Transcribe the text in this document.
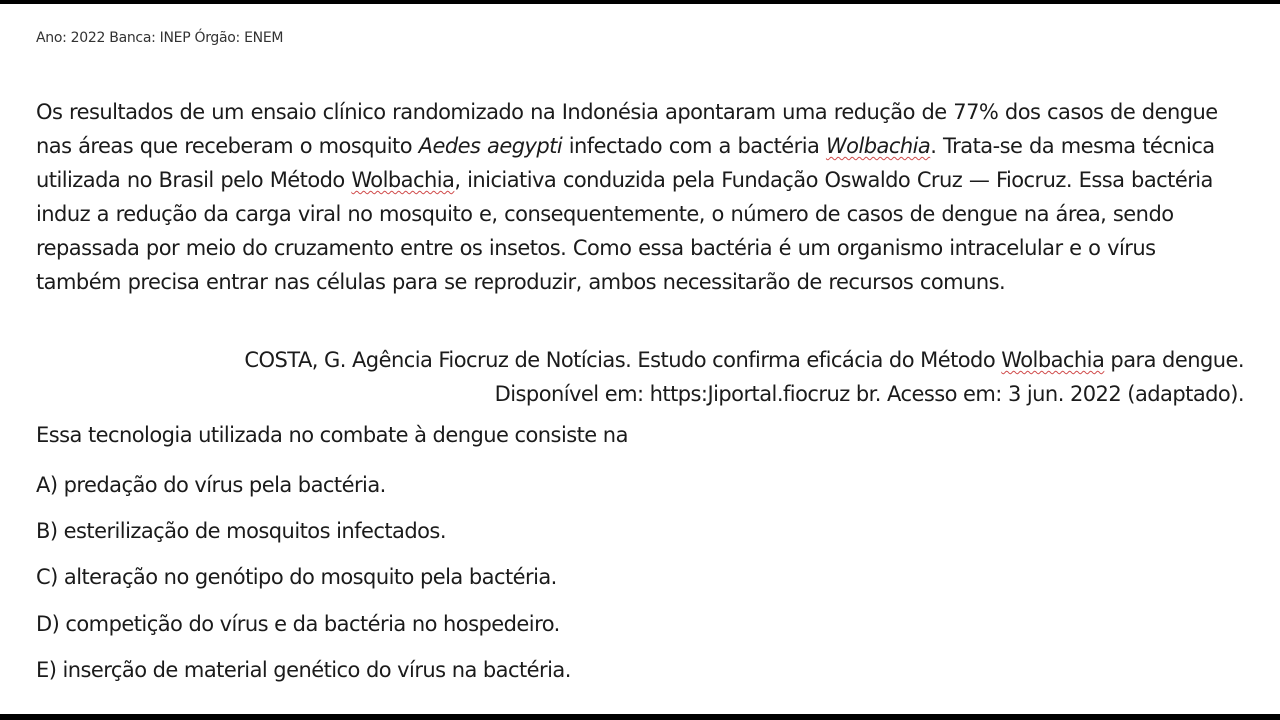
Ano: 2022 Banca: INEP Órgão: ENEM
Os resultados de um ensaio clínico randomizado na Indonésia apontaram uma redução de 77% dos casos de dengue nas áreas que receberam o mosquito Aedes aegypti infectado com a bactéria Wolbachia. Trata-se da mesma técnica utilizada no Brasil pelo Método Wolbachia, iniciativa conduzida pela Fundação Oswaldo Cruz — Fiocruz. Essa bactéria induz a redução da carga viral no mosquito e, consequentemente, o número de casos de dengue na área, sendo repassada por meio do cruzamento entre os insetos. Como essa bactéria é um organismo intracelular e o vírus também precisa entrar nas células para se reproduzir, ambos necessitarão de recursos comuns.
COSTA, G. Agência Fiocruz de Notícias. Estudo confirma eficácia do Método Wolbachia para dengue.
Disponível em: https:Jiportal.fiocruz br. Acesso em: 3 jun. 2022 (adaptado).
Essa tecnologia utilizada no combate à dengue consiste na
A) predação do vírus pela bactéria.
B) esterilização de mosquitos infectados.
C) alteração no genótipo do mosquito pela bactéria.
D) competição do vírus e da bactéria no hospedeiro.
E) inserção de material genético do vírus na bactéria.
